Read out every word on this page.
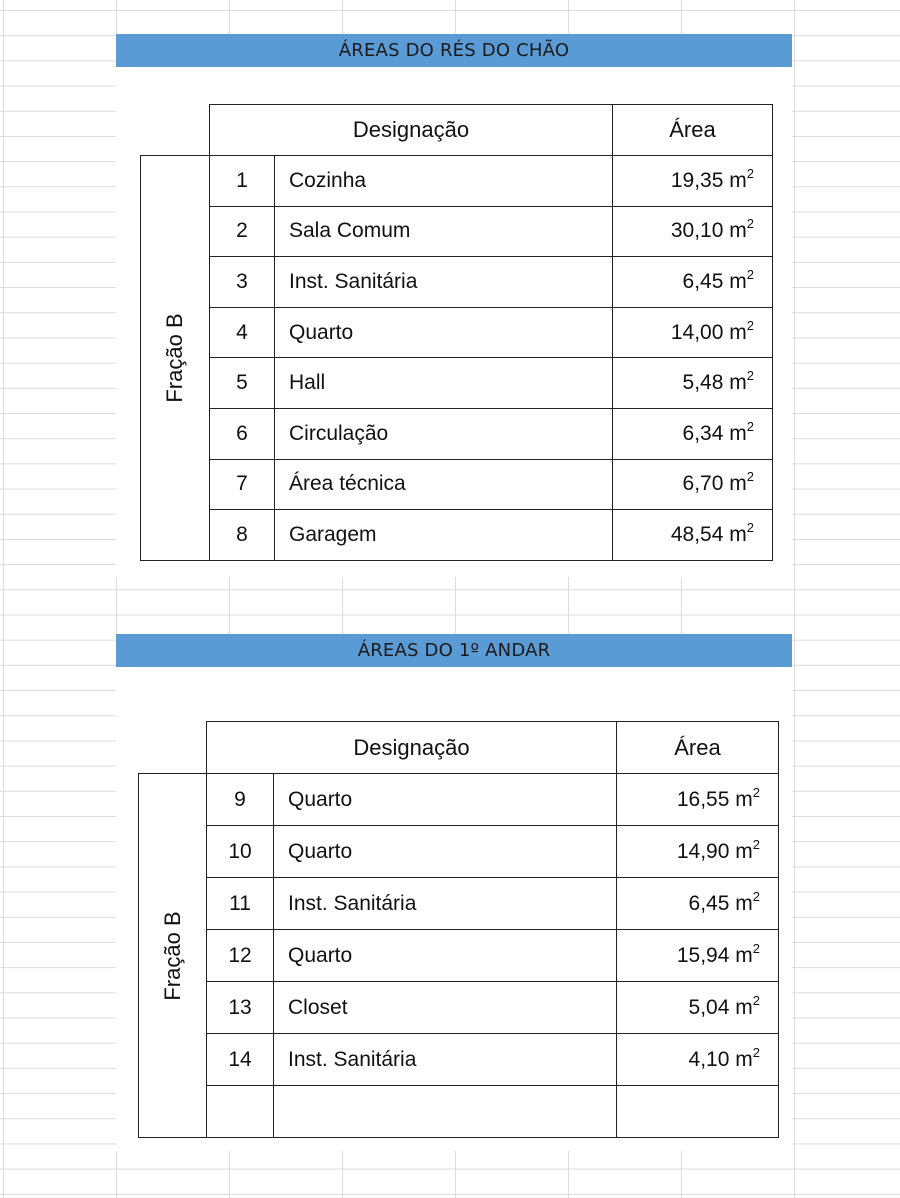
ÁREAS DO RÉS DO CHÃO
	Designação		Área

Fração B	1	Cozinha	19,35 $m^2$
	2	Sala Comum	30,10 $m^2$
	3	Inst. Sanitária	6,45 $m^2$
	4	Quarto	14,00 $m^2$
	5	Hall	5,48 $m^2$
	6	Circulação	6,34 $m^2$
	7	Área técnica	6,70 $m^2$
	8	Garagem	48,54 $m^2$
ÁREAS DO 1º ANDAR
	Designação		Área

Fração B	9	Quarto	16,55 $m^2$
	10	Quarto	14,90 $m^2$
	11	Inst. Sanitária	6,45 $m^2$
	12	Quarto	15,94 $m^2$
	13	Closet	5,04 $m^2$
	14	Inst. Sanitária	4,10 $m^2$
